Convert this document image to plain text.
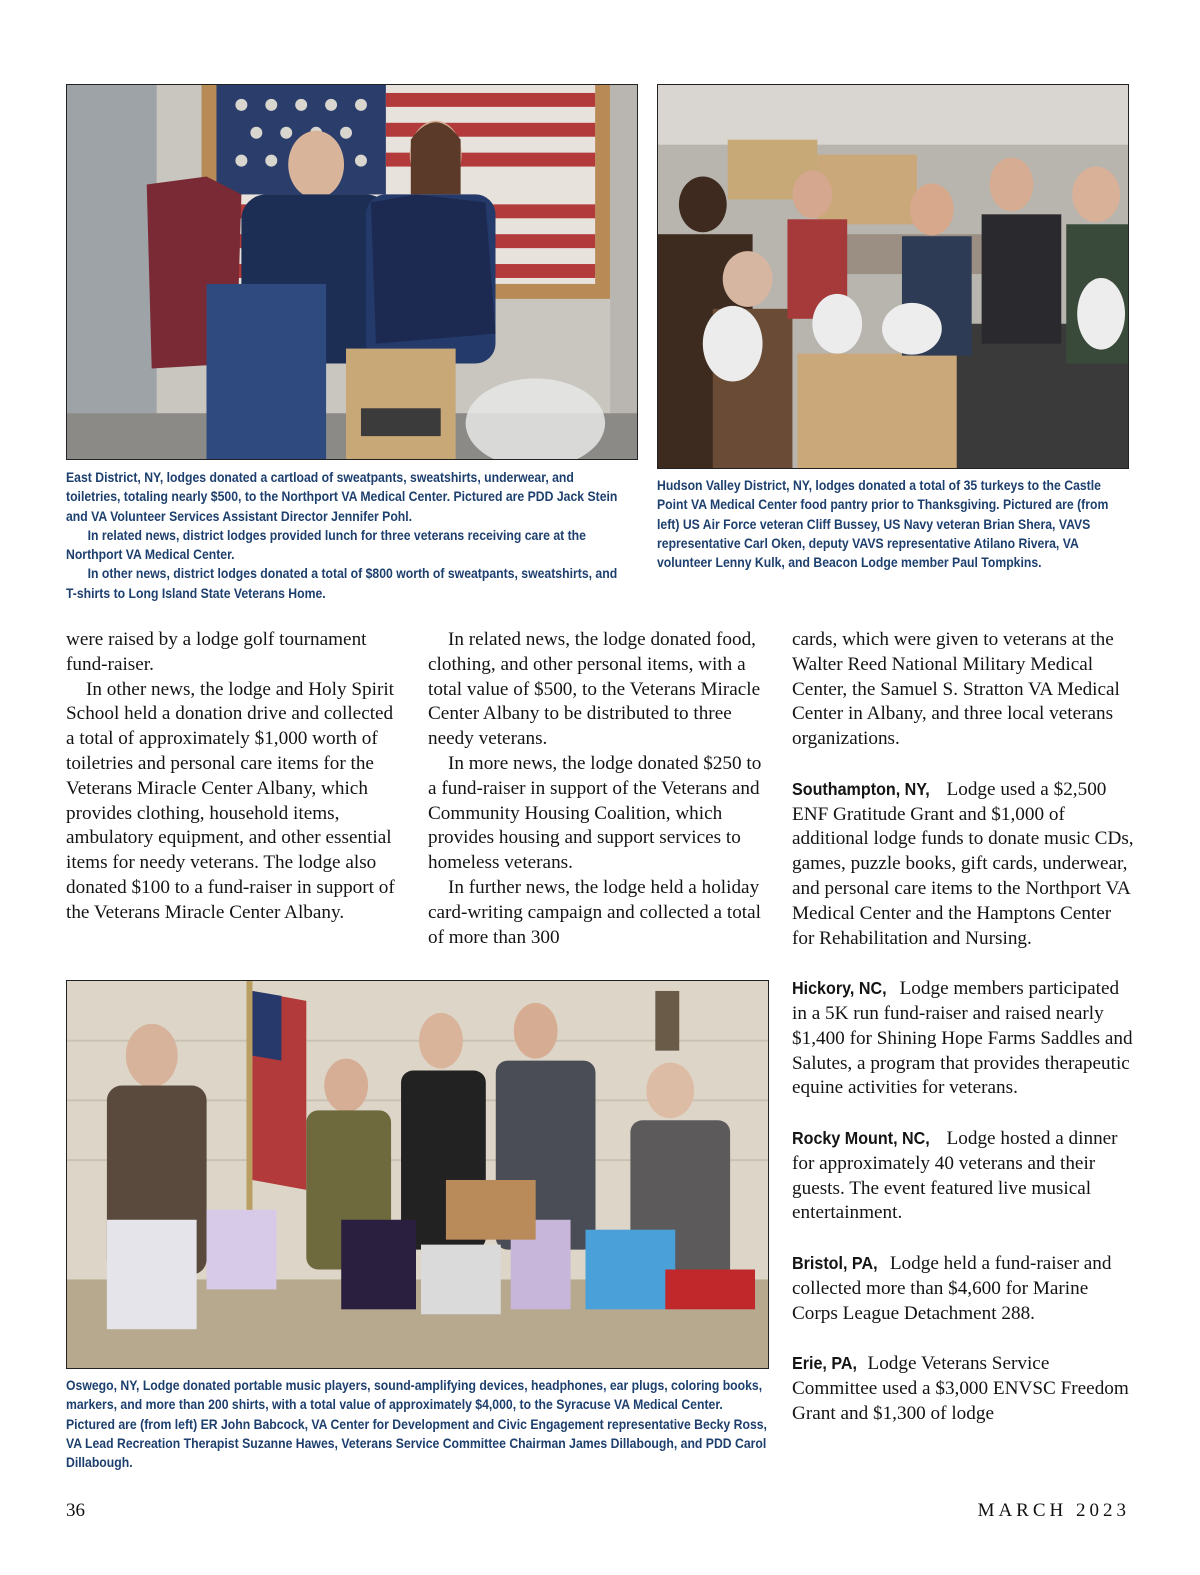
East District, NY, lodges donated a cartload of sweatpants, sweatshirts, underwear, and toiletries, totaling nearly $500, to the Northport VA Medical Center. Pictured are PDD Jack Stein and VA Volunteer Services Assistant Director Jennifer Pohl.
In related news, district lodges provided lunch for three veterans receiving care at the Northport VA Medical Center.
In other news, district lodges donated a total of $800 worth of sweatpants, sweatshirts, and T-shirts to Long Island State Veterans Home.
Hudson Valley District, NY, lodges donated a total of 35 turkeys to the Castle Point VA Medical Center food pantry prior to Thanksgiving. Pictured are (from left) US Air Force veteran Cliff Bussey, US Navy veteran Brian Shera, VAVS representative Carl Oken, deputy VAVS representative Atilano Rivera, VA volunteer Lenny Kulk, and Beacon Lodge member Paul Tompkins.

were raised by a lodge golf tournament fund-raiser.

In other news, the lodge and Holy Spirit School held a donation drive and collected a total of approximately $1,000 worth of toiletries and personal care items for the Veterans Miracle Center Albany, which provides clothing, household items, ambulatory equipment, and other essential items for needy veterans. The lodge also donated $100 to a fund-raiser in support of the Veterans Miracle Center Albany.

In related news, the lodge donated food, clothing, and other personal items, with a total value of $500, to the Veterans Miracle Center Albany to be distributed to three needy veterans.

In more news, the lodge donated $250 to a fund-raiser in support of the Veterans and Community Housing Coalition, which provides housing and support services to homeless veterans.

In further news, the lodge held a holiday card-writing campaign and collected a total of more than 300

cards, which were given to veterans at the Walter Reed National Military Medical Center, the Samuel S. Stratton VA Medical Center in Albany, and three local veterans organizations.

Southampton, NY, Lodge used a $2,500 ENF Gratitude Grant and $1,000 of additional lodge funds to donate music CDs, games, puzzle books, gift cards, underwear, and personal care items to the Northport VA Medical Center and the Hamptons Center for Rehabilitation and Nursing.

Hickory, NC, Lodge members participated in a 5K run fund-raiser and raised nearly $1,400 for Shining Hope Farms Saddles and Salutes, a program that provides therapeutic equine activities for veterans.

Rocky Mount, NC, Lodge hosted a dinner for approximately 40 veterans and their guests. The event featured live musical entertainment.

Bristol, PA, Lodge held a fund-raiser and collected more than $4,600 for Marine Corps League Detachment 288.

Erie, PA, Lodge Veterans Service Committee used a $3,000 ENVSC Freedom Grant and $1,300 of lodge

Oswego, NY, Lodge donated portable music players, sound-amplifying devices, headphones, ear plugs, coloring books, markers, and more than 200 shirts, with a total value of approximately $4,000, to the Syracuse VA Medical Center. Pictured are (from left) ER John Babcock, VA Center for Development and Civic Engagement representative Becky Ross, VA Lead Recreation Therapist Suzanne Hawes, Veterans Service Committee Chairman James Dillabough, and PDD Carol Dillabough.
36	MARCH 2023
